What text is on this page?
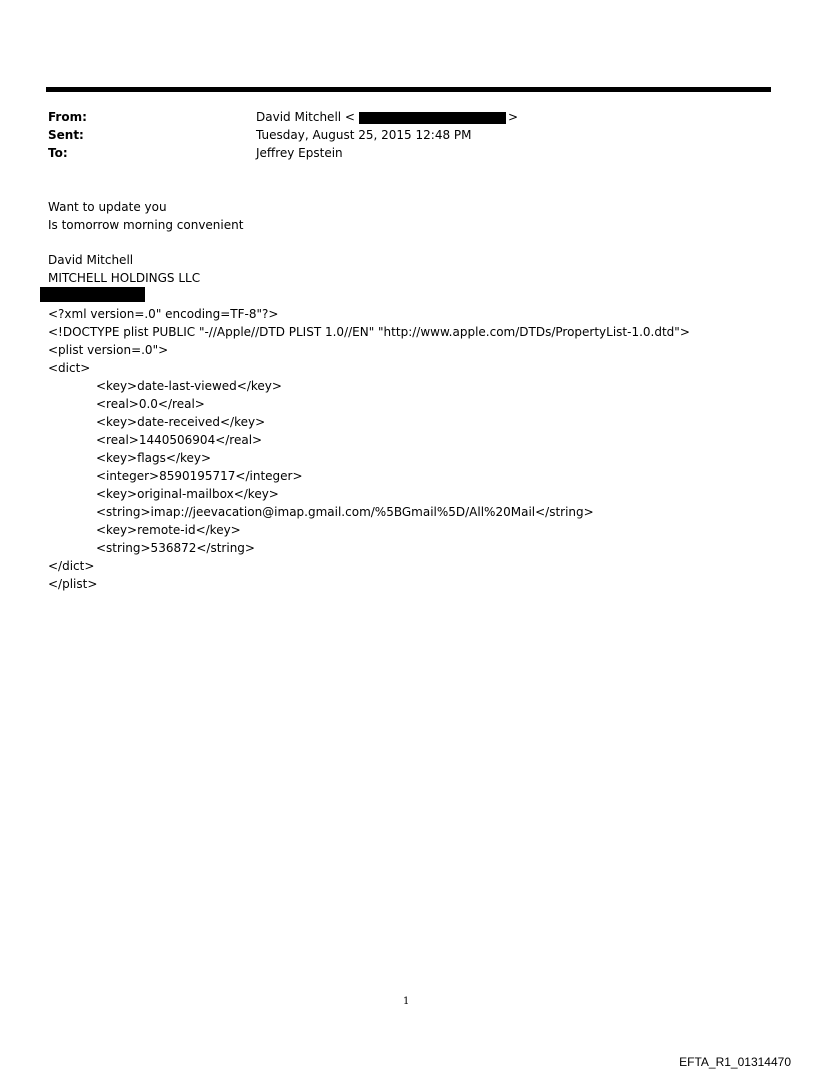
From:	David Mitchell <	>
Sent:	Tuesday, August 25, 2015 12:48 PM
To:	Jeffrey Epstein
Want to update you
Is tomorrow morning convenient
David Mitchell
MITCHELL HOLDINGS LLC
<?xml version=.0" encoding=TF-8"?>
<!DOCTYPE plist PUBLIC "-//Apple//DTD PLIST 1.0//EN" "http://www.apple.com/DTDs/PropertyList-1.0.dtd">
<plist version=.0">
<dict>
<key>date-last-viewed</key>
<real>0.0</real>
<key>date-received</key>
<real>1440506904</real>
<key>flags</key>
<integer>8590195717</integer>
<key>original-mailbox</key>
<string>imap://jeevacation@imap.gmail.com/%5BGmail%5D/All%20Mail</string>
<key>remote-id</key>
<string>536872</string>
</dict>
</plist>
1
EFTA_R1_01314470
